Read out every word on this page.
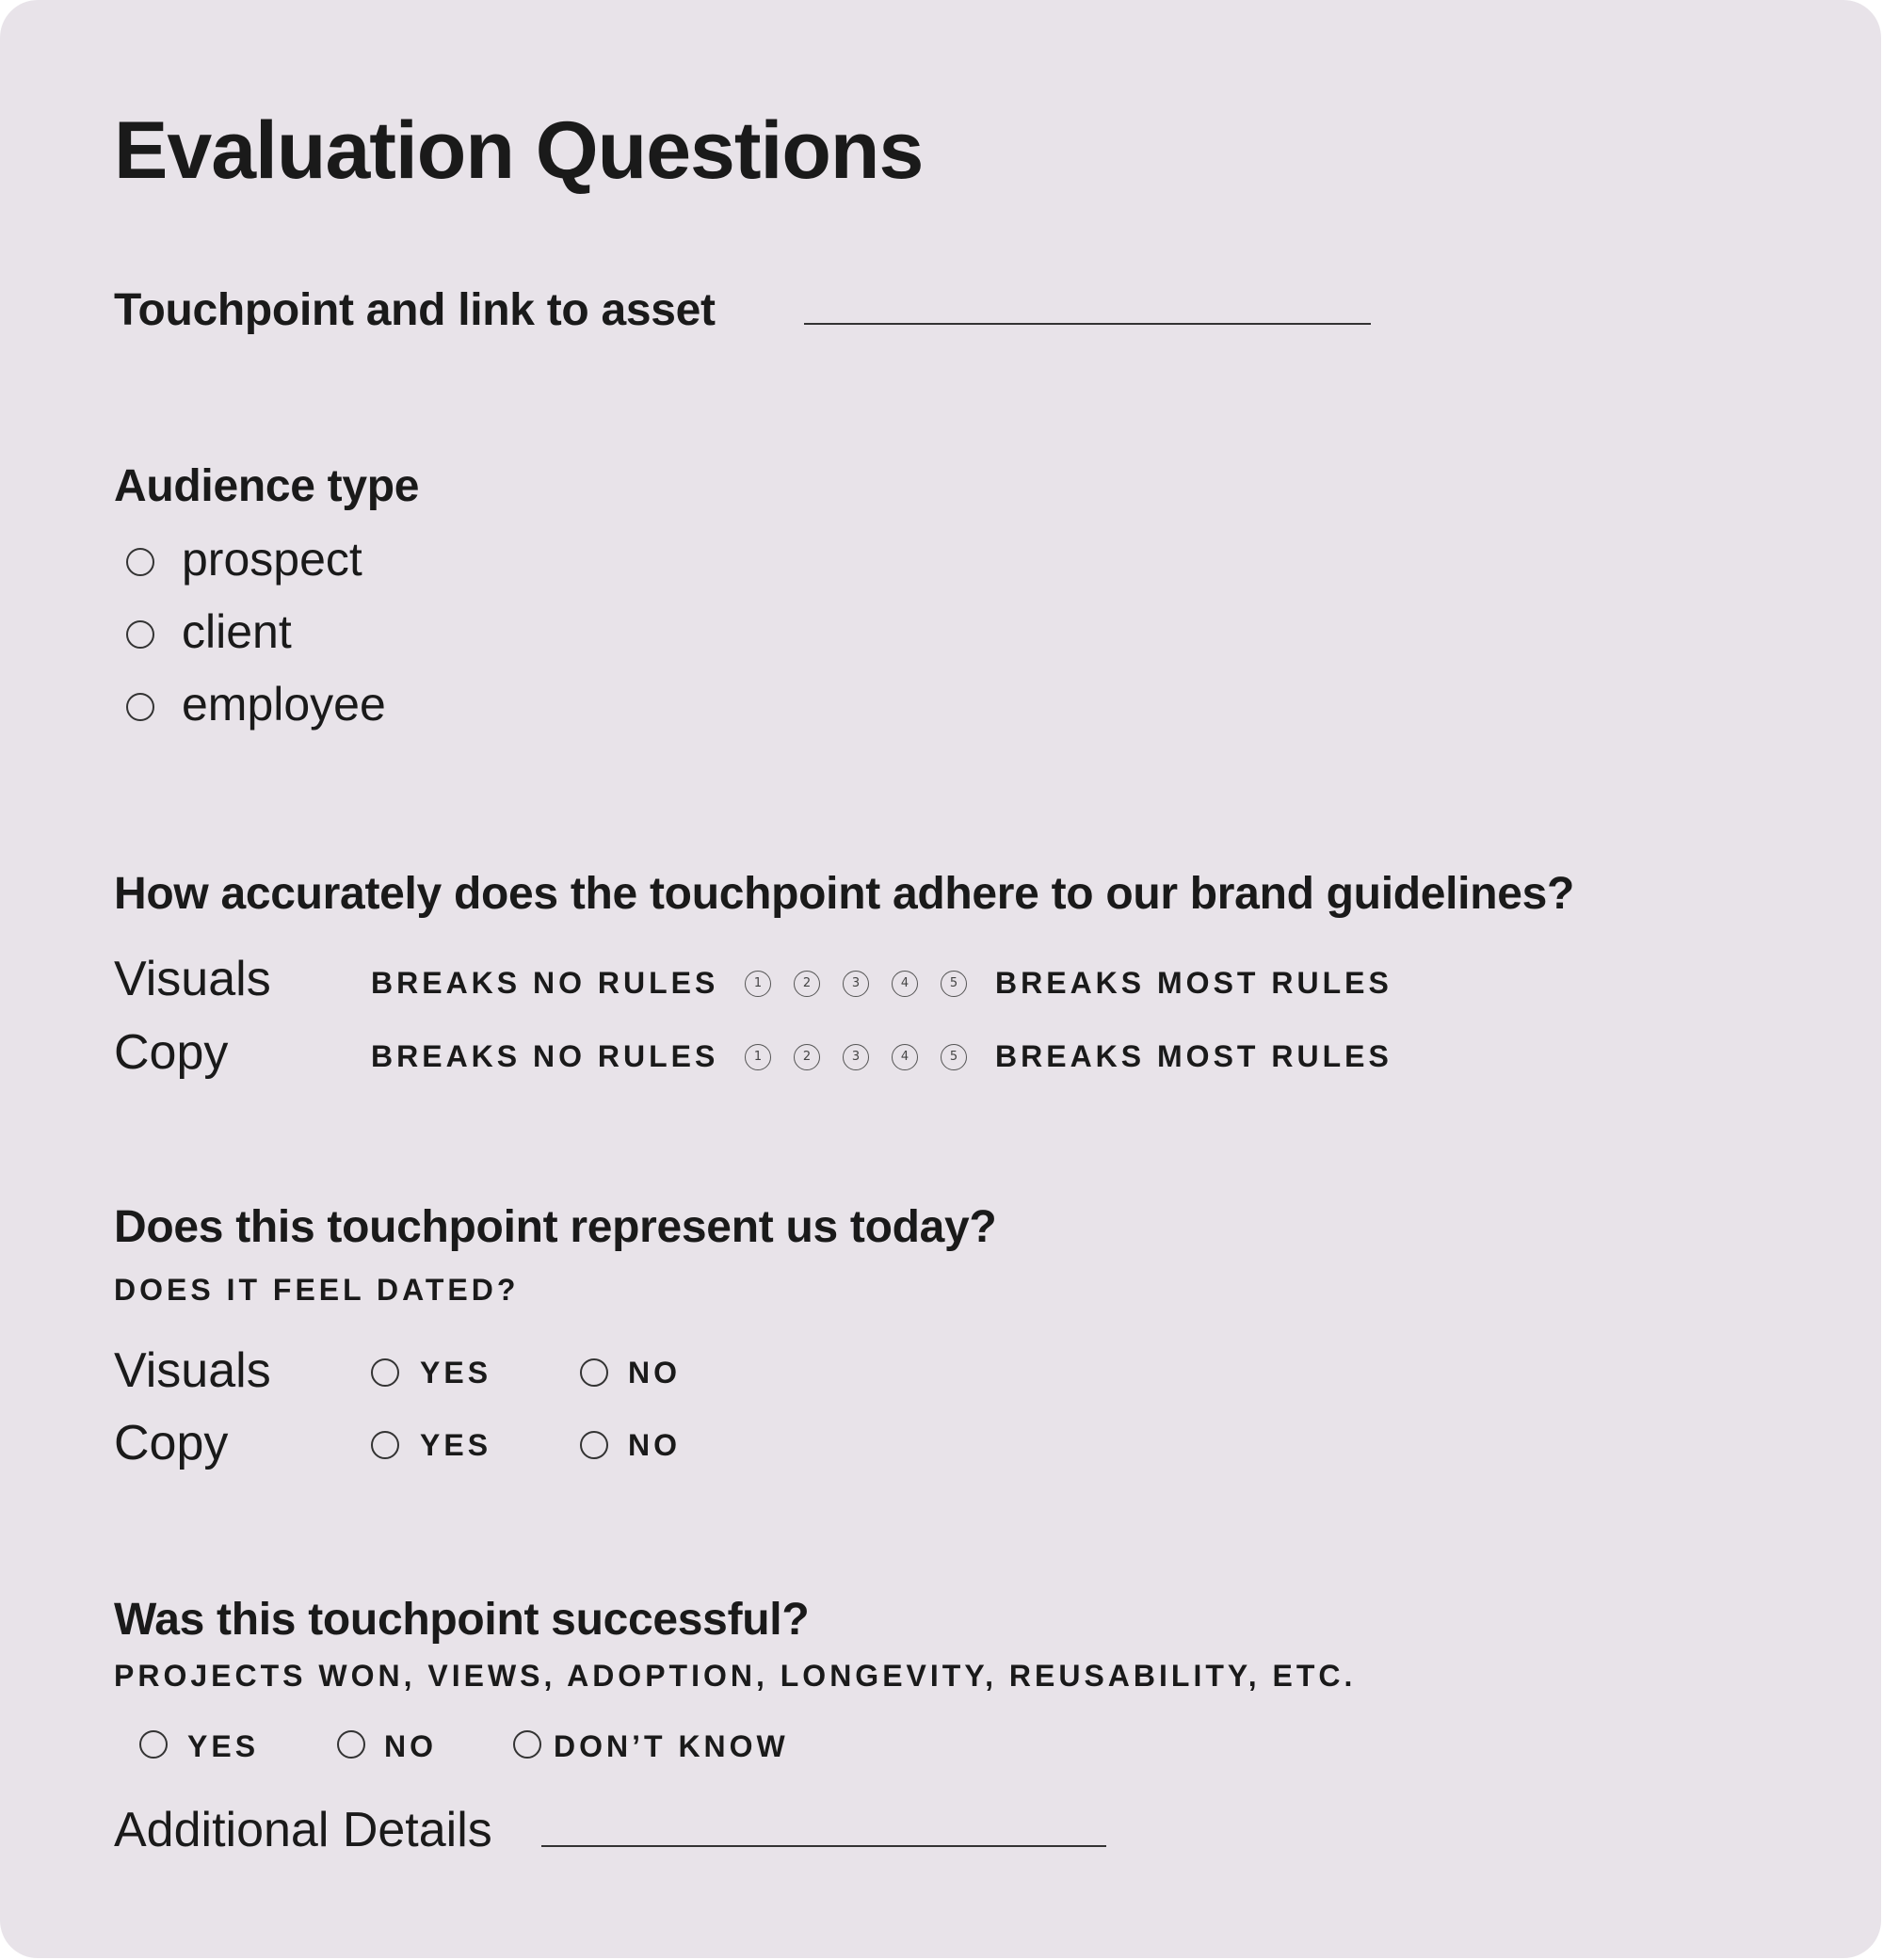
Evaluation Questions
Touchpoint and link to asset
Audience type
prospect
client
employee
How accurately does the touchpoint adhere to our brand guidelines?
Visuals	BREAKS NO RULES	1	2	3	4	5	BREAKS MOST RULES
Copy	BREAKS NO RULES	1	2	3	4	5	BREAKS MOST RULES
Does this touchpoint represent us today?
DOES IT FEEL DATED?
Visuals	YES	NO
Copy	YES	NO
Was this touchpoint successful?
PROJECTS WON, VIEWS, ADOPTION, LONGEVITY, REUSABILITY, ETC.
YES	NO	DON’T KNOW
Additional Details
